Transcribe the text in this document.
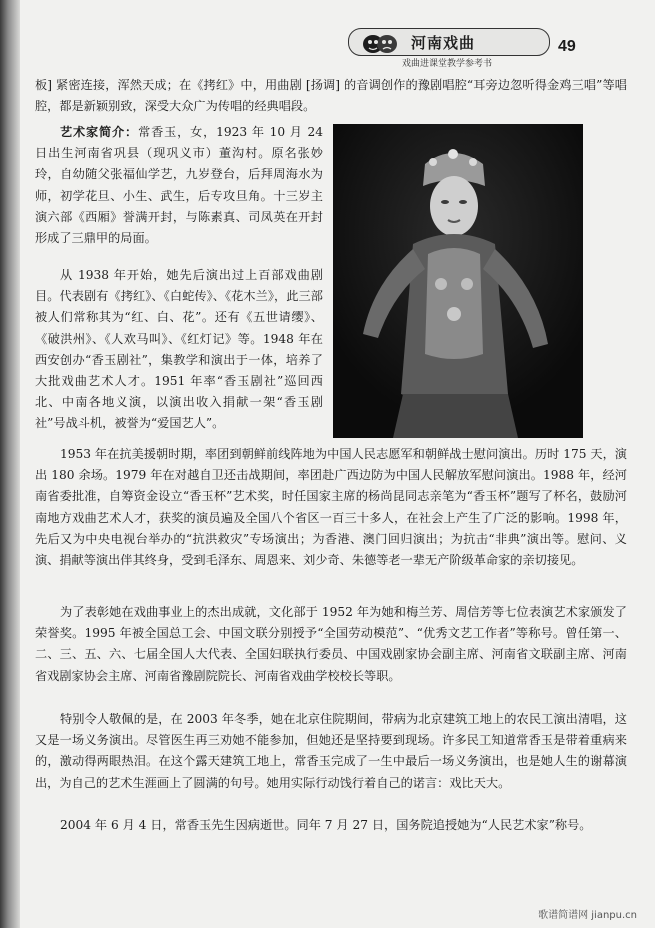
河南戏曲
戏曲进课堂教学参考书
49

板] 紧密连接，浑然天成；在《拷红》中，用曲剧 [扬调] 的音调创作的豫剧唱腔“耳旁边忽听得金鸡三唱”等唱腔，都是新颖别致，深受大众广为传唱的经典唱段。

艺术家简介：常香玉，女，1923 年 10 月 24 日出生河南省巩县（现巩义市）董沟村。原名张妙玲，自幼随父张福仙学艺，九岁登台，后拜周海水为师，初学花旦、小生、武生，后专攻旦角。十三岁主演六部《西厢》誉满开封，与陈素真、司凤英在开封形成了三鼎甲的局面。

从 1938 年开始，她先后演出过上百部戏曲剧目。代表剧有《拷红》、《白蛇传》、《花木兰》，此三部被人们常称其为“红、白、花”。还有《五世请缨》、《破洪州》、《人欢马叫》、《红灯记》等。1948 年在西安创办“香玉剧社”，集教学和演出于一体，培养了大批戏曲艺术人才。1951 年率“香玉剧社”巡回西北、中南各地义演，以演出收入捐献一架“香玉剧社”号战斗机，被誉为“爱国艺人”。

1953 年在抗美援朝时期，率团到朝鲜前线阵地为中国人民志愿军和朝鲜战士慰问演出。历时 175 天，演出 180 余场。1979 年在对越自卫还击战期间，率团赴广西边防为中国人民解放军慰问演出。1988 年，经河南省委批准，自筹资金设立“香玉杯”艺术奖，时任国家主席的杨尚昆同志亲笔为“香玉杯”题写了杯名，鼓励河南地方戏曲艺术人才，获奖的演员遍及全国八个省区一百三十多人，在社会上产生了广泛的影响。1998 年，先后又为中央电视台举办的“抗洪救灾”专场演出；为香港、澳门回归演出；为抗击“非典”演出等。慰问、义演、捐献等演出伴其终身，受到毛泽东、周恩来、刘少奇、朱德等老一辈无产阶级革命家的亲切接见。

为了表彰她在戏曲事业上的杰出成就，文化部于 1952 年为她和梅兰芳、周信芳等七位表演艺术家颁发了荣誉奖。1995 年被全国总工会、中国文联分别授予“全国劳动模范”、“优秀文艺工作者”等称号。曾任第一、二、三、五、六、七届全国人大代表、全国妇联执行委员、中国戏剧家协会副主席、河南省文联副主席、河南省戏剧家协会主席、河南省豫剧院院长、河南省戏曲学校校长等职。

特别令人敬佩的是，在 2003 年冬季，她在北京住院期间，带病为北京建筑工地上的农民工演出清唱，这又是一场义务演出。尽管医生再三劝她不能参加，但她还是坚持要到现场。许多民工知道常香玉是带着重病来的，激动得两眼热泪。在这个露天建筑工地上，常香玉完成了一生中最后一场义务演出，也是她人生的谢幕演出，为自己的艺术生涯画上了圆满的句号。她用实际行动饯行着自己的诺言：戏比天大。

2004 年 6 月 4 日，常香玉先生因病逝世。同年 7 月 27 日，国务院追授她为“人民艺术家”称号。

歌谱简谱网 jianpu.cn
